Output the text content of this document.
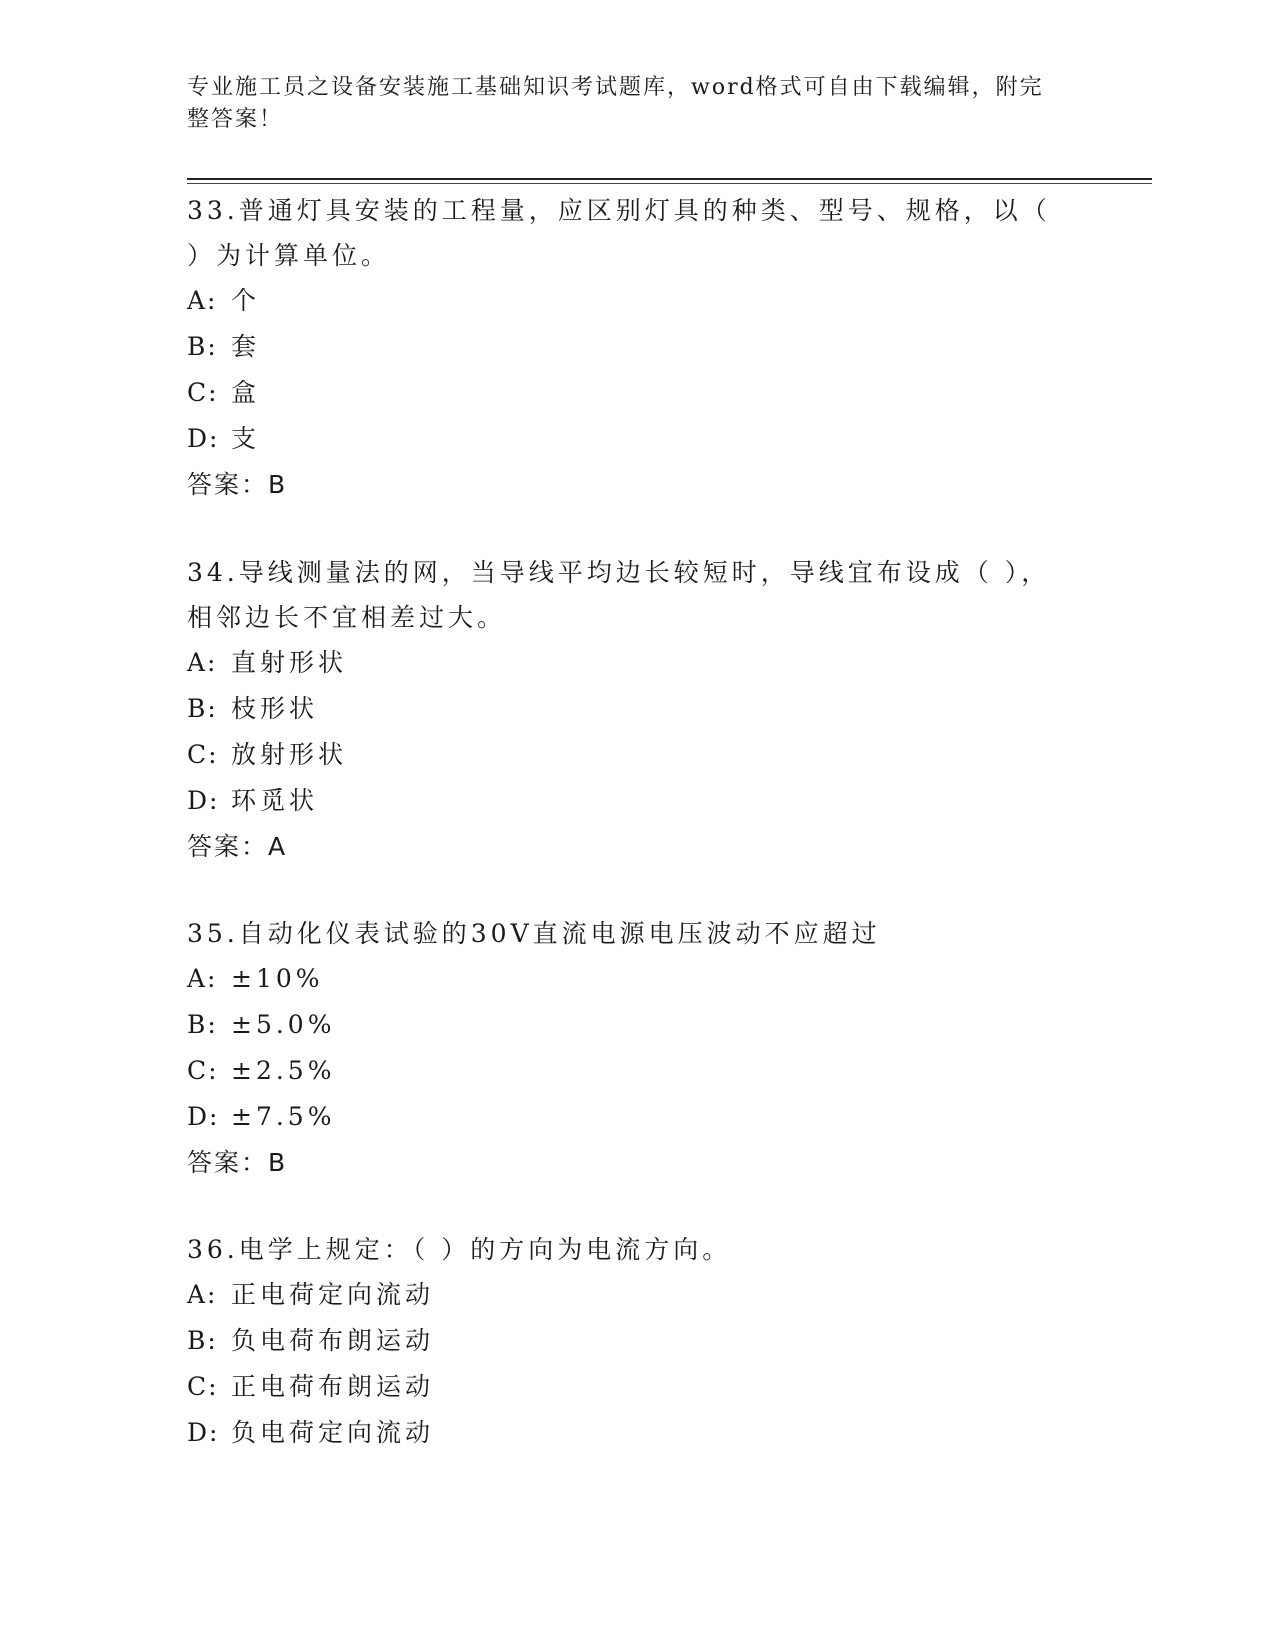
专业施工员之设备安装施工基础知识考试题库，word格式可自由下载编辑，附完整答案！
33.普通灯具安装的工程量，应区别灯具的种类、型号、规格，以（ ）为计算单位。
A: 个
B: 套
C: 盒
D: 支
答案：B
34.导线测量法的网，当导线平均边长较短时，导线宜布设成（ ），相邻边长不宜相差过大。
A: 直射形状
B: 枝形状
C: 放射形状
D: 环觅状
答案：A
35.自动化仪表试验的30V直流电源电压波动不应超过
A: ±10%
B: ±5.0%
C: ±2.5%
D: ±7.5%
答案：B
36.电学上规定：（ ）的方向为电流方向。
A: 正电荷定向流动
B: 负电荷布朗运动
C: 正电荷布朗运动
D: 负电荷定向流动
